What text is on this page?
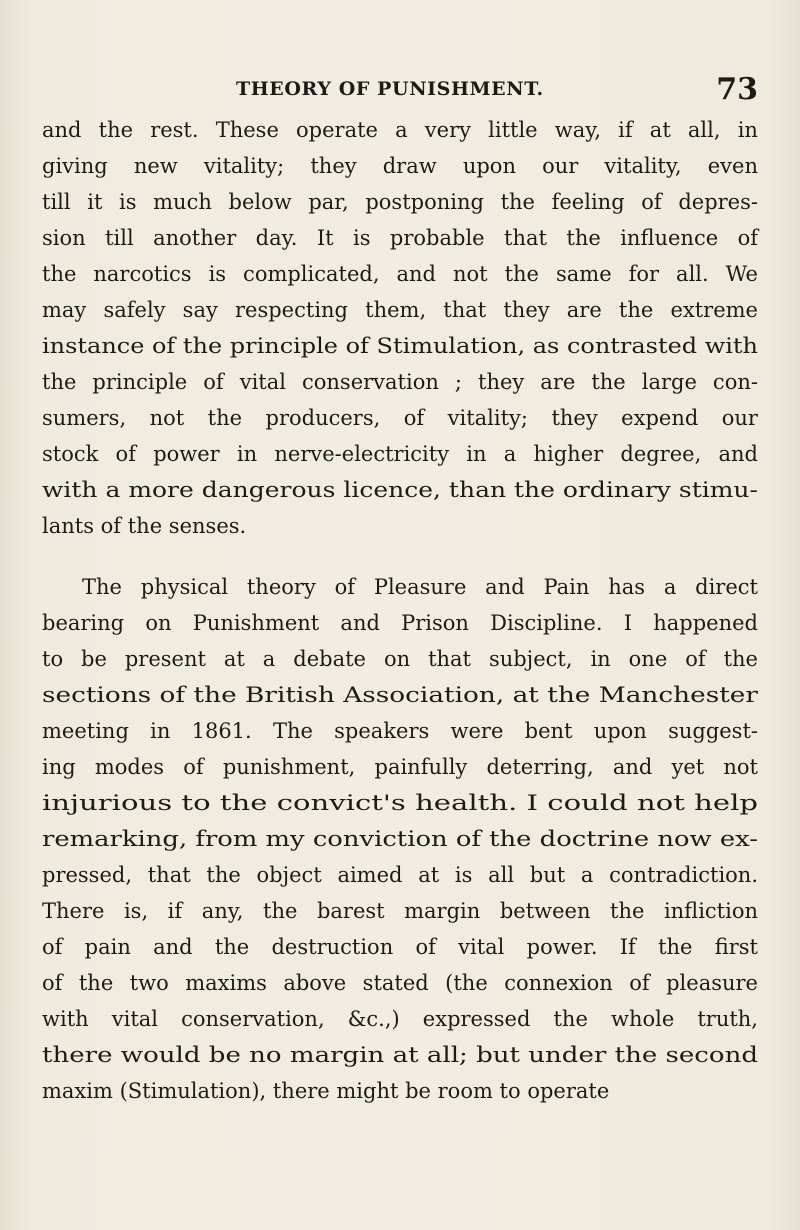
THEORY OF PUNISHMENT.	73
and the rest. These operate a very little way, if at all, in
giving new vitality; they draw upon our vitality, even
till it is much below par, postponing the feeling of depres-
sion till another day. It is probable that the influence of
the narcotics is complicated, and not the same for all. We
may safely say respecting them, that they are the extreme
instance of the principle of Stimulation, as contrasted with
the principle of vital conservation ; they are the large con-
sumers, not the producers, of vitality; they expend our
stock of power in nerve-electricity in a higher degree, and
with a more dangerous licence, than the ordinary stimu-
lants of the senses.
The physical theory of Pleasure and Pain has a direct
bearing on Punishment and Prison Discipline. I happened
to be present at a debate on that subject, in one of the
sections of the British Association, at the Manchester
meeting in 1861. The speakers were bent upon suggest-
ing modes of punishment, painfully deterring, and yet not
injurious to the convict's health. I could not help
remarking, from my conviction of the doctrine now ex-
pressed, that the object aimed at is all but a contradiction.
There is, if any, the barest margin between the infliction
of pain and the destruction of vital power. If the first
of the two maxims above stated (the connexion of pleasure
with vital conservation, &c.,) expressed the whole truth,
there would be no margin at all; but under the second
maxim (Stimulation), there might be room to operate
